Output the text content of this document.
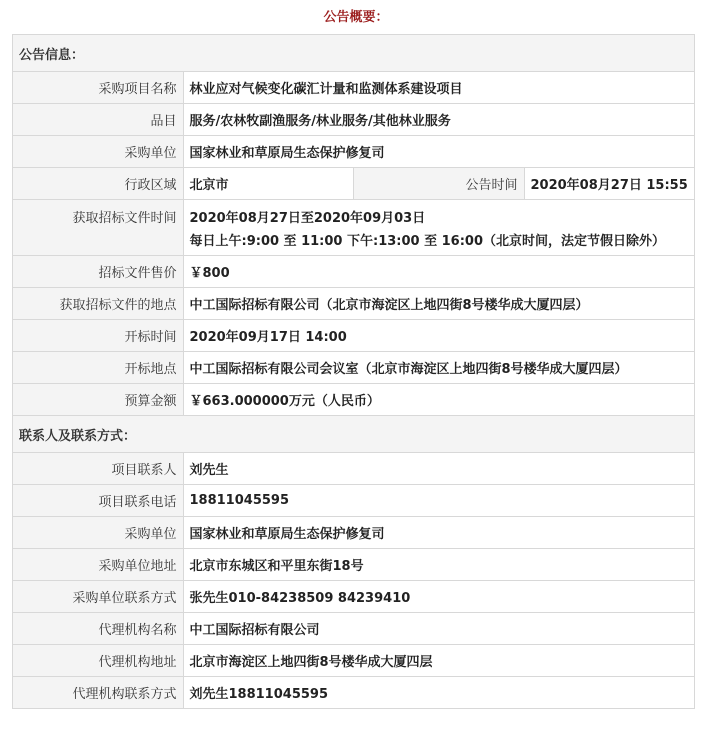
公告概要：
公告信息：			
采购项目名称	林业应对气候变化碳汇计量和监测体系建设项目		
品目	服务/农林牧副渔服务/林业服务/其他林业服务		
采购单位	国家林业和草原局生态保护修复司		
行政区域	北京市	公告时间	2020年08月27日 15:55
获取招标文件时间	2020年08月27日至2020年09月03日
每日上午:9:00 至 11:00 下午:13:00 至 16:00（北京时间，法定节假日除外）		

招标文件售价	￥800		
获取招标文件的地点	中工国际招标有限公司（北京市海淀区上地四街8号楼华成大厦四层）		
开标时间	2020年09月17日 14:00		
开标地点	中工国际招标有限公司会议室（北京市海淀区上地四街8号楼华成大厦四层）		
预算金额	￥663.000000万元（人民币）		
联系人及联系方式：			
项目联系人	刘先生		
项目联系电话	18811045595		
采购单位	国家林业和草原局生态保护修复司		
采购单位地址	北京市东城区和平里东街18号		
采购单位联系方式	张先生010-84238509 84239410		
代理机构名称	中工国际招标有限公司		
代理机构地址	北京市海淀区上地四街8号楼华成大厦四层		
代理机构联系方式	刘先生18811045595		
